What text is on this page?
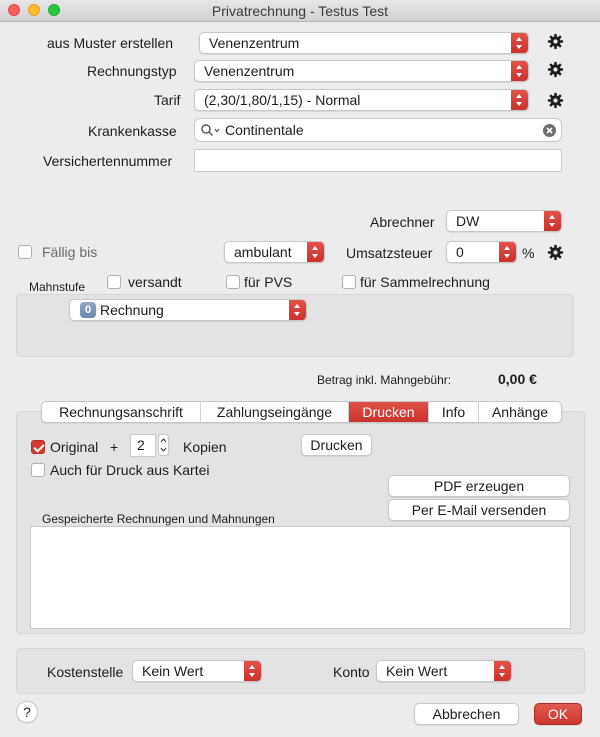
Privatrechnung - Testus Test
aus Muster erstellen	Venenzentrum
Rechnungstyp	Venenzentrum
Tarif	(2,30/1,80/1,15) - Normal
Krankenkasse	Continentale
Versichertennummer
Abrechner	DW
Fällig bis	ambulant	Umsatzsteuer	0	%
Mahnstufe	versandt	für PVS	für Sammelrechnung
0 Rechnung
Betrag inkl. Mahngebühr:	0,00 €
Rechnungsanschrift	Zahlungseingänge	Drucken	Info	Anhänge
Original +	2	Kopien	Drucken
Auch für Druck aus Kartei
PDF erzeugen
Per E-Mail versenden
Gespeicherte Rechnungen und Mahnungen
Kostenstelle	Kein Wert	Konto	Kein Wert
?	Abbrechen	OK
